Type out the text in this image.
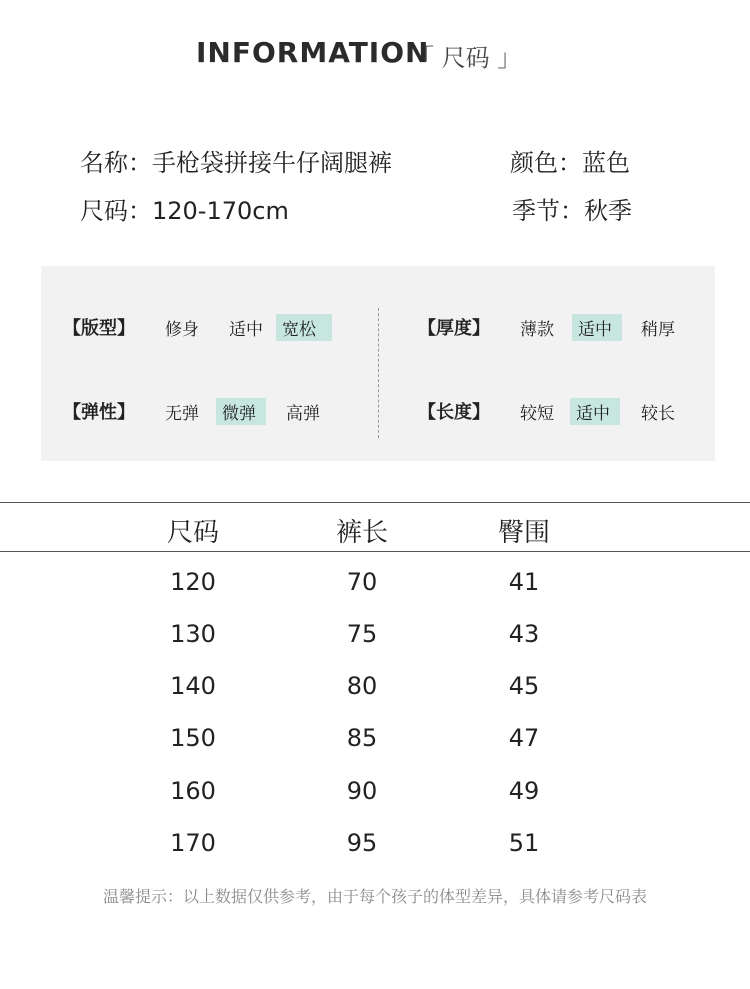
INFORMATION
「 尺码 」
名称：手枪袋拼接牛仔阔腿裤
尺码：120-170cm
颜色：蓝色
季节：秋季
【版型】	修身	适中	宽松	【厚度】	薄款	适中	稍厚
【弹性】	无弹	微弹	高弹	【长度】	较短	适中	较长
尺码	裤长	臀围
120	70	41
130	75	43
140	80	45
150	85	47
160	90	49
170	95	51
温馨提示：以上数据仅供参考，由于每个孩子的体型差异，具体请参考尺码表
